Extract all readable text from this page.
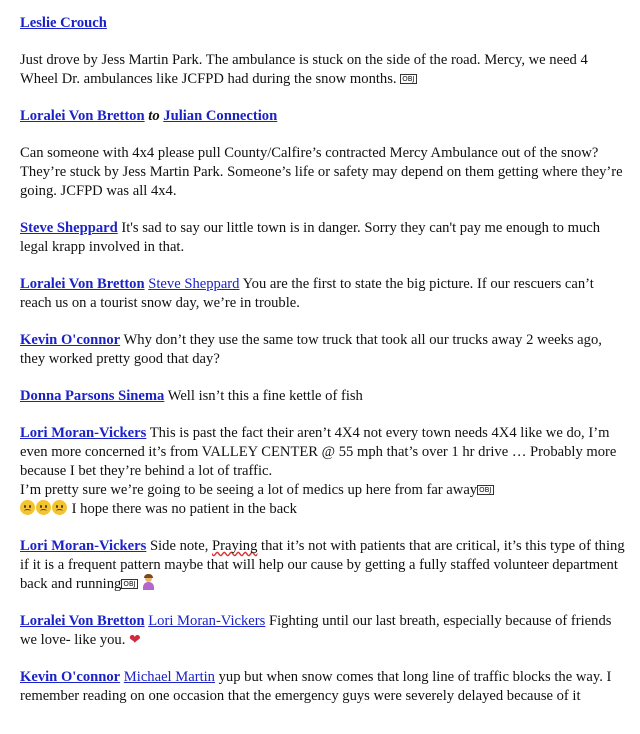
Leslie Crouch

Just drove by Jess Martin Park. The ambulance is stuck on the side of the road. Mercy, we need 4 Wheel Dr. ambulances like JCFPD had during the snow months. OBJ

Loralei Von Bretton to Julian Connection

Can someone with 4x4 please pull County/Calfire’s contracted Mercy Ambulance out of the snow? They’re stuck by Jess Martin Park. Someone’s life or safety may depend on them getting where they’re going. JCFPD was all 4x4.

Steve Sheppard It's sad to say our little town is in danger. Sorry they can't pay me enough to much legal krapp involved in that.

Loralei Von Bretton Steve Sheppard You are the first to state the big picture. If our rescuers can’t reach us on a tourist snow day, we’re in trouble.

Kevin O'connor Why don’t they use the same tow truck that took all our trucks away 2 weeks ago, they worked pretty good that day?

Donna Parsons Sinema Well isn’t this a fine kettle of fish

Lori Moran-Vickers This is past the fact their aren’t 4X4 not every town needs 4X4 like we do, I’m even more concerned it’s from VALLEY CENTER @ 55 mph that’s over 1 hr drive … Probably more because I bet they’re behind a lot of traffic.

I’m pretty sure we’re going to be seeing a lot of medics up here from far away OBJ

I hope there was no patient in the back

Lori Moran-Vickers Side note, Praying that it’s not with patients that are critical, it’s this type of thing if it is a frequent pattern maybe that will help our cause by getting a fully staffed volunteer department back and running OBJ

Loralei Von Bretton Lori Moran-Vickers Fighting until our last breath, especially because of friends we love- like you. ❤

Kevin O'connor Michael Martin yup but when snow comes that long line of traffic blocks the way. I remember reading on one occasion that the emergency guys were severely delayed because of it
